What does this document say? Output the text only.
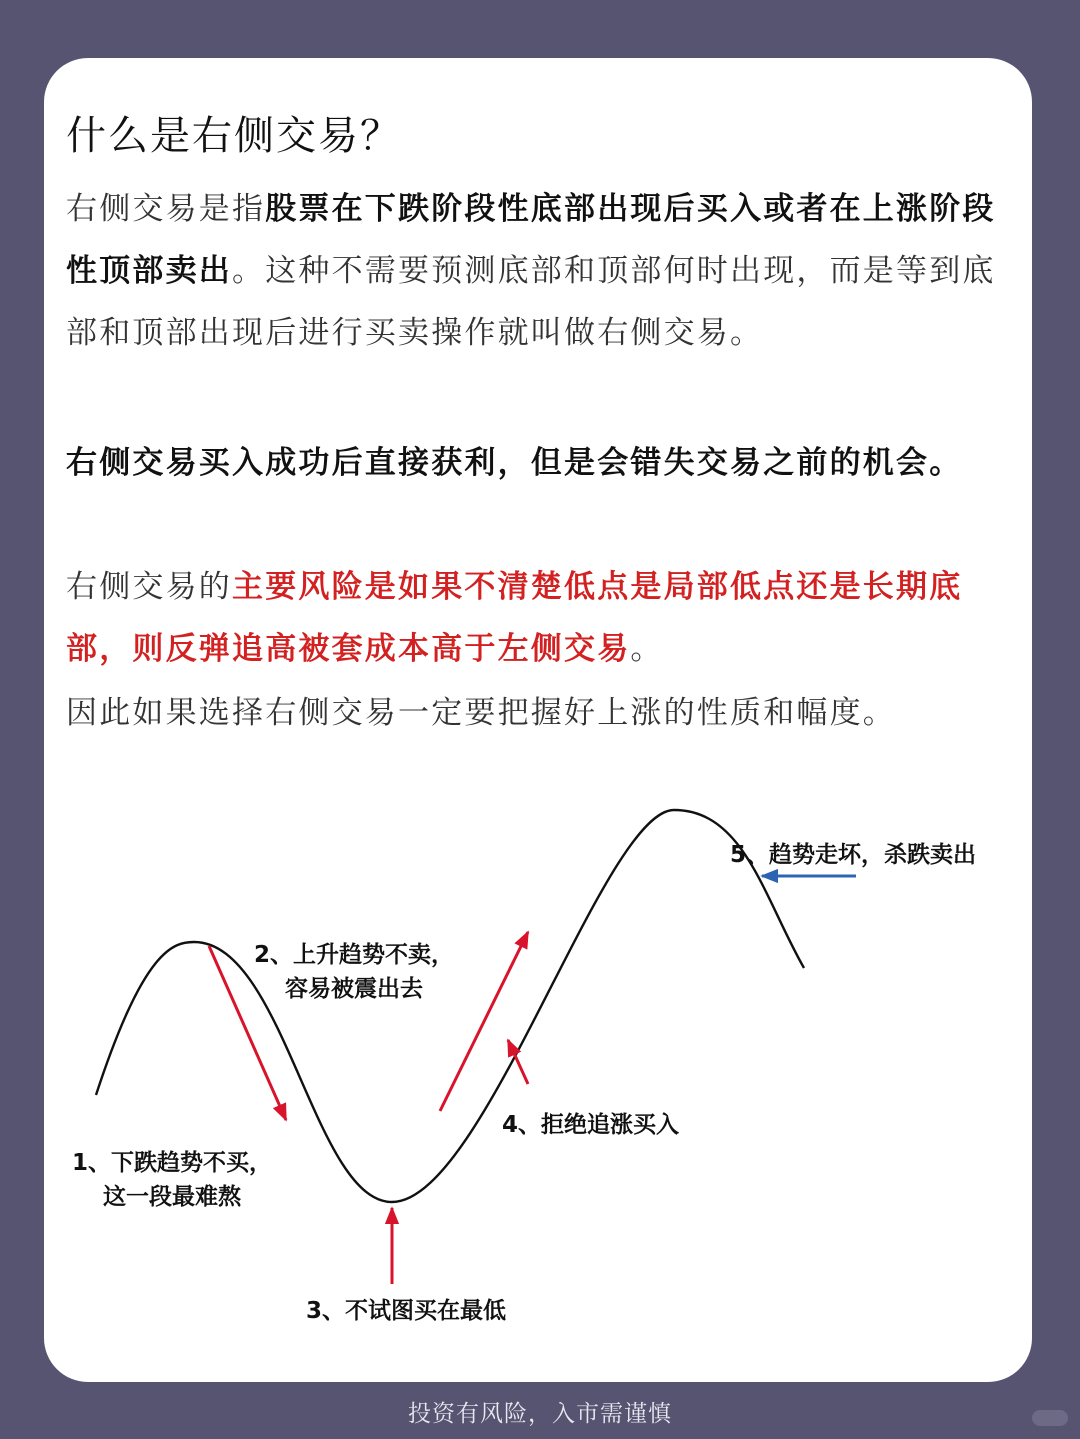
什么是右侧交易？

右侧交易是指股票在下跌阶段性底部出现后买入或者在上涨阶段性顶部卖出。这种不需要预测底部和顶部何时出现，而是等到底部和顶部出现后进行买卖操作就叫做右侧交易。

右侧交易买入成功后直接获利，但是会错失交易之前的机会。

右侧交易的主要风险是如果不清楚低点是局部低点还是长期底部，则反弹追高被套成本高于左侧交易。

因此如果选择右侧交易一定要把握好上涨的性质和幅度。

1、下跌趋势不买，
这一段最难熬
2、上升趋势不卖，
容易被震出去
3、不试图买在最低
4、拒绝追涨买入
5、趋势走坏，杀跌卖出
投资有风险，入市需谨慎
